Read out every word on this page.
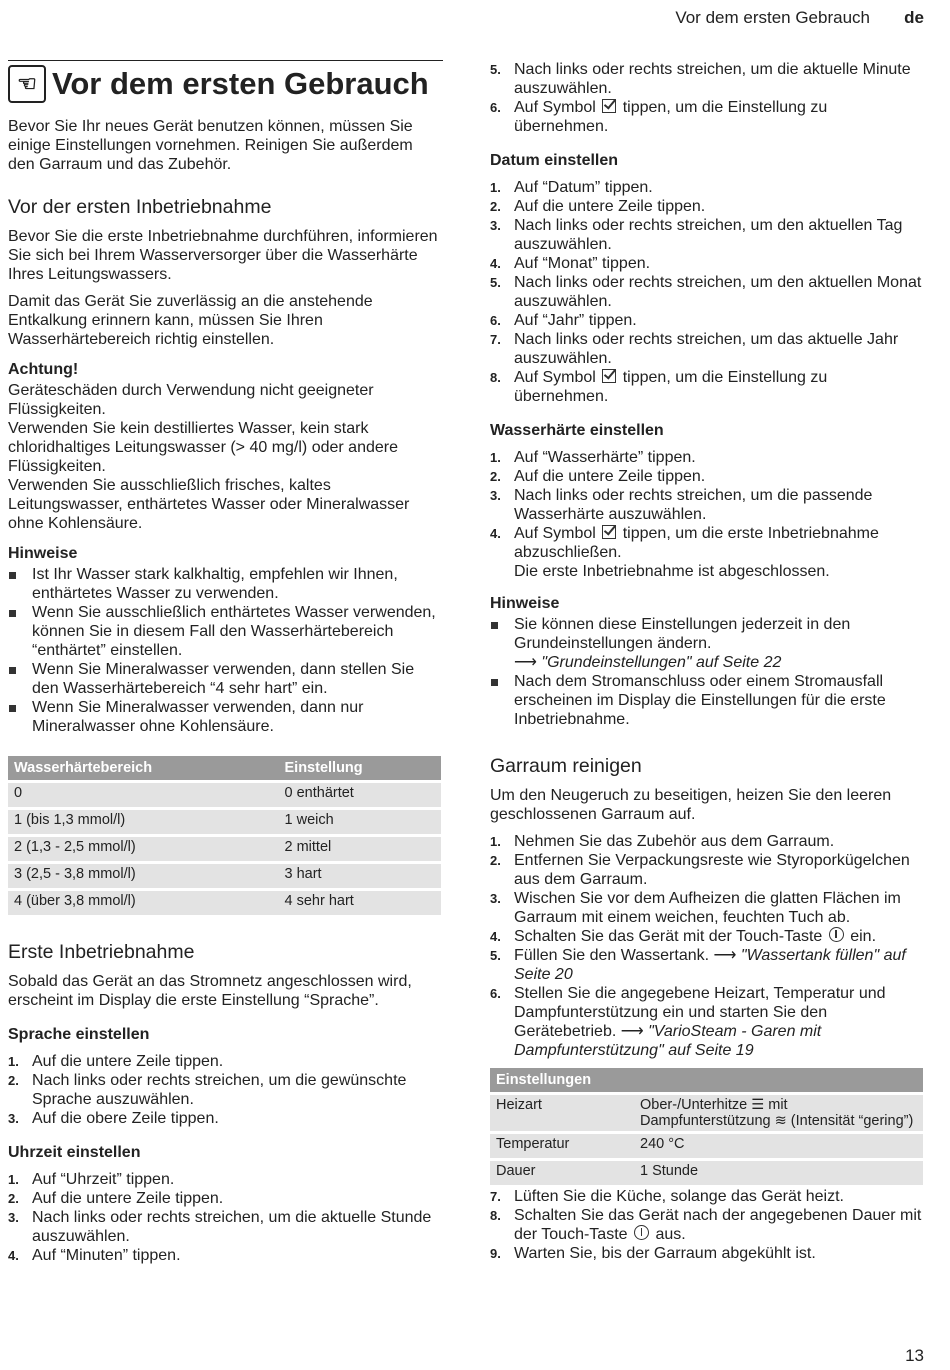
Vor dem ersten Gebrauch de
☜ Vor dem ersten Gebrauch

Bevor Sie Ihr neues Gerät benutzen können, müssen Sie einige Einstellungen vornehmen. Reinigen Sie außerdem den Garraum und das Zubehör.

Vor der ersten Inbetriebnahme

Bevor Sie die erste Inbetriebnahme durchführen, informieren Sie sich bei Ihrem Wasserversorger über die Wasserhärte Ihres Leitungswassers.

Damit das Gerät Sie zuverlässig an die anstehende Entkalkung erinnern kann, müssen Sie Ihren Wasserhärtebereich richtig einstellen.

Achtung!

Geräteschäden durch Verwendung nicht geeigneter Flüssigkeiten.

Verwenden Sie kein destilliertes Wasser, kein stark chloridhaltiges Leitungswasser (> 40 mg/l) oder andere Flüssigkeiten.

Verwenden Sie ausschließlich frisches, kaltes Leitungswasser, enthärtetes Wasser oder Mineralwasser ohne Kohlensäure.

Hinweise
Ist Ihr Wasser stark kalkhaltig, empfehlen wir Ihnen, enthärtetes Wasser zu verwenden.
Wenn Sie ausschließlich enthärtetes Wasser verwenden, können Sie in diesem Fall den Wasserhärtebereich “enthärtet” einstellen.
Wenn Sie Mineralwasser verwenden, dann stellen Sie den Wasserhärtebereich “4 sehr hart” ein.
Wenn Sie Mineralwasser verwenden, dann nur Mineralwasser ohne Kohlensäure.
Wasserhärtebereich	Einstellung
0	0 enthärtet
1 (bis 1,3 mmol/l)	1 weich
2 (1,3 - 2,5 mmol/l)	2 mittel
3 (2,5 - 3,8 mmol/l)	3 hart
4 (über 3,8 mmol/l)	4 sehr hart
Erste Inbetriebnahme

Sobald das Gerät an das Stromnetz angeschlossen wird, erscheint im Display die erste Einstellung “Sprache”.

Sprache einstellen
1. Auf die untere Zeile tippen.
2. Nach links oder rechts streichen, um die gewünschte Sprache auszuwählen.
3. Auf die obere Zeile tippen.
Uhrzeit einstellen
1. Auf “Uhrzeit” tippen.
2. Auf die untere Zeile tippen.
3. Nach links oder rechts streichen, um die aktuelle Stunde auszuwählen.
4. Auf “Minuten” tippen.
5. Nach links oder rechts streichen, um die aktuelle Minute auszuwählen.
6. Auf Symbol tippen, um die Einstellung zu übernehmen.
Datum einstellen
1. Auf “Datum” tippen.
2. Auf die untere Zeile tippen.
3. Nach links oder rechts streichen, um den aktuellen Tag auszuwählen.
4. Auf “Monat” tippen.
5. Nach links oder rechts streichen, um den aktuellen Monat auszuwählen.
6. Auf “Jahr” tippen.
7. Nach links oder rechts streichen, um das aktuelle Jahr auszuwählen.
8. Auf Symbol tippen, um die Einstellung zu übernehmen.
Wasserhärte einstellen
1. Auf “Wasserhärte” tippen.
2. Auf die untere Zeile tippen.
3. Nach links oder rechts streichen, um die passende Wasserhärte auszuwählen.
4. Auf Symbol tippen, um die erste Inbetriebnahme abzuschließen.
Die erste Inbetriebnahme ist abgeschlossen.
Hinweise
Sie können diese Einstellungen jederzeit in den Grundeinstellungen ändern.
⟶ "Grundeinstellungen" auf Seite 22
Nach dem Stromanschluss oder einem Stromausfall erscheinen im Display die Einstellungen für die erste Inbetriebnahme.
Garraum reinigen

Um den Neugeruch zu beseitigen, heizen Sie den leeren geschlossenen Garraum auf.

1. Nehmen Sie das Zubehör aus dem Garraum.
2. Entfernen Sie Verpackungsreste wie Styroporkügelchen aus dem Garraum.
3. Wischen Sie vor dem Aufheizen die glatten Flächen im Garraum mit einem weichen, feuchten Tuch ab.
4. Schalten Sie das Gerät mit der Touch-Taste ein.
5. Füllen Sie den Wassertank. ⟶ "Wassertank füllen" auf Seite 20
6. Stellen Sie die angegebene Heizart, Temperatur und Dampfunterstützung ein und starten Sie den Gerätebetrieb. ⟶ "VarioSteam - Garen mit Dampfunterstützung" auf Seite 19
Einstellungen	
Heizart	Ober-/Unterhitze ☰ mit
Dampfunterstützung ≋ (Intensität “gering”)
Temperatur	240 °C
Dauer	1 Stunde
7. Lüften Sie die Küche, solange das Gerät heizt.
8. Schalten Sie das Gerät nach der angegebenen Dauer mit der Touch-Taste aus.
9. Warten Sie, bis der Garraum abgekühlt ist.
13
